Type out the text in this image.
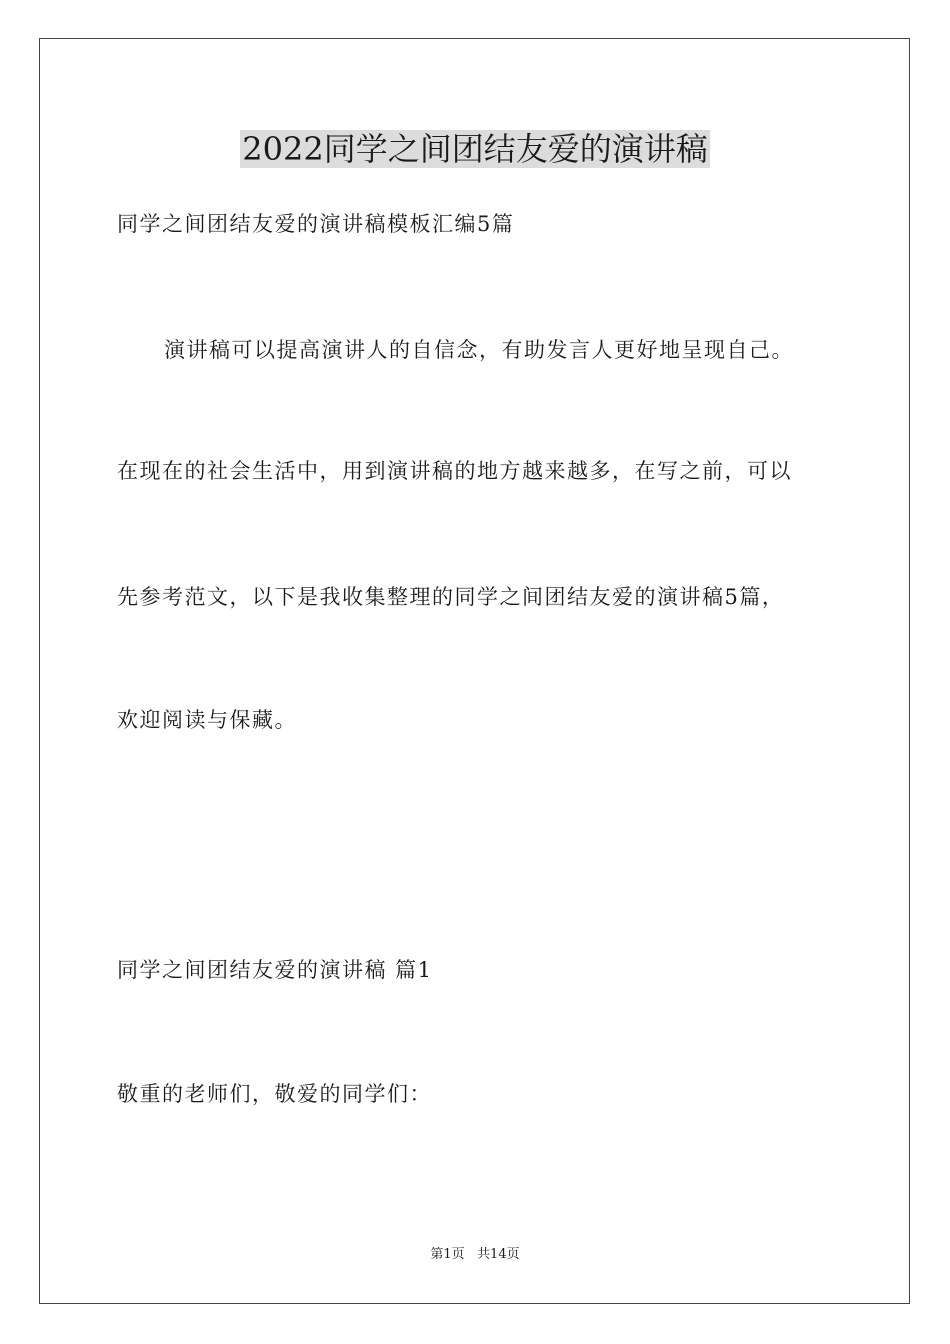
2022同学之间团结友爱的演讲稿
同学之间团结友爱的演讲稿模板汇编5篇
演讲稿可以提高演讲人的自信念，有助发言人更好地呈现自己。
在现在的社会生活中，用到演讲稿的地方越来越多，在写之前，可以
先参考范文，以下是我收集整理的同学之间团结友爱的演讲稿5篇，
欢迎阅读与保藏。
同学之间团结友爱的演讲稿 篇1
敬重的老师们，敬爱的同学们：
第1页   共14页
